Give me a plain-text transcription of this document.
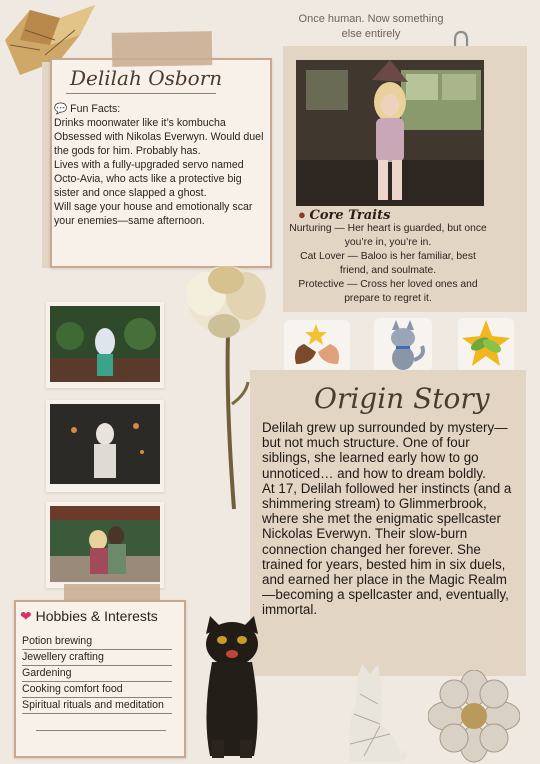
Once human. Now something else entirely
Delilah Osborn
💬 Fun Facts:
Drinks moonwater like it’s kombucha
Obsessed with Nikolas Everwyn. Would duel the gods for him. Probably has.
Lives with a fully-upgraded servo named Octo-Avia, who acts like a protective big sister and once slapped a ghost.
Will sage your house and emotionally scar your enemies—same afternoon.	● Core Traits
Nurturing — Her heart is guarded, but once you’re in, you’re in.
Cat Lover — Baloo is her familiar, best friend, and soulmate.
Protective — Cross her loved ones and prepare to regret it.
Origin Story
Delilah grew up surrounded by mystery—but not much structure. One of four siblings, she learned early how to go unnoticed… and how to dream boldly.
At 17, Delilah followed her instincts (and a shimmering stream) to Glimmerbrook, where she met the enigmatic spellcaster Nickolas Everwyn. Their slow-burn connection changed her forever. She trained for years, bested him in six duels, and earned her place in the Magic Realm—becoming a spellcaster and, eventually, immortal.
❤ Hobbies & Interests
Potion brewing
Jewellery crafting
Gardening
Cooking comfort food
Spiritual rituals and meditation
